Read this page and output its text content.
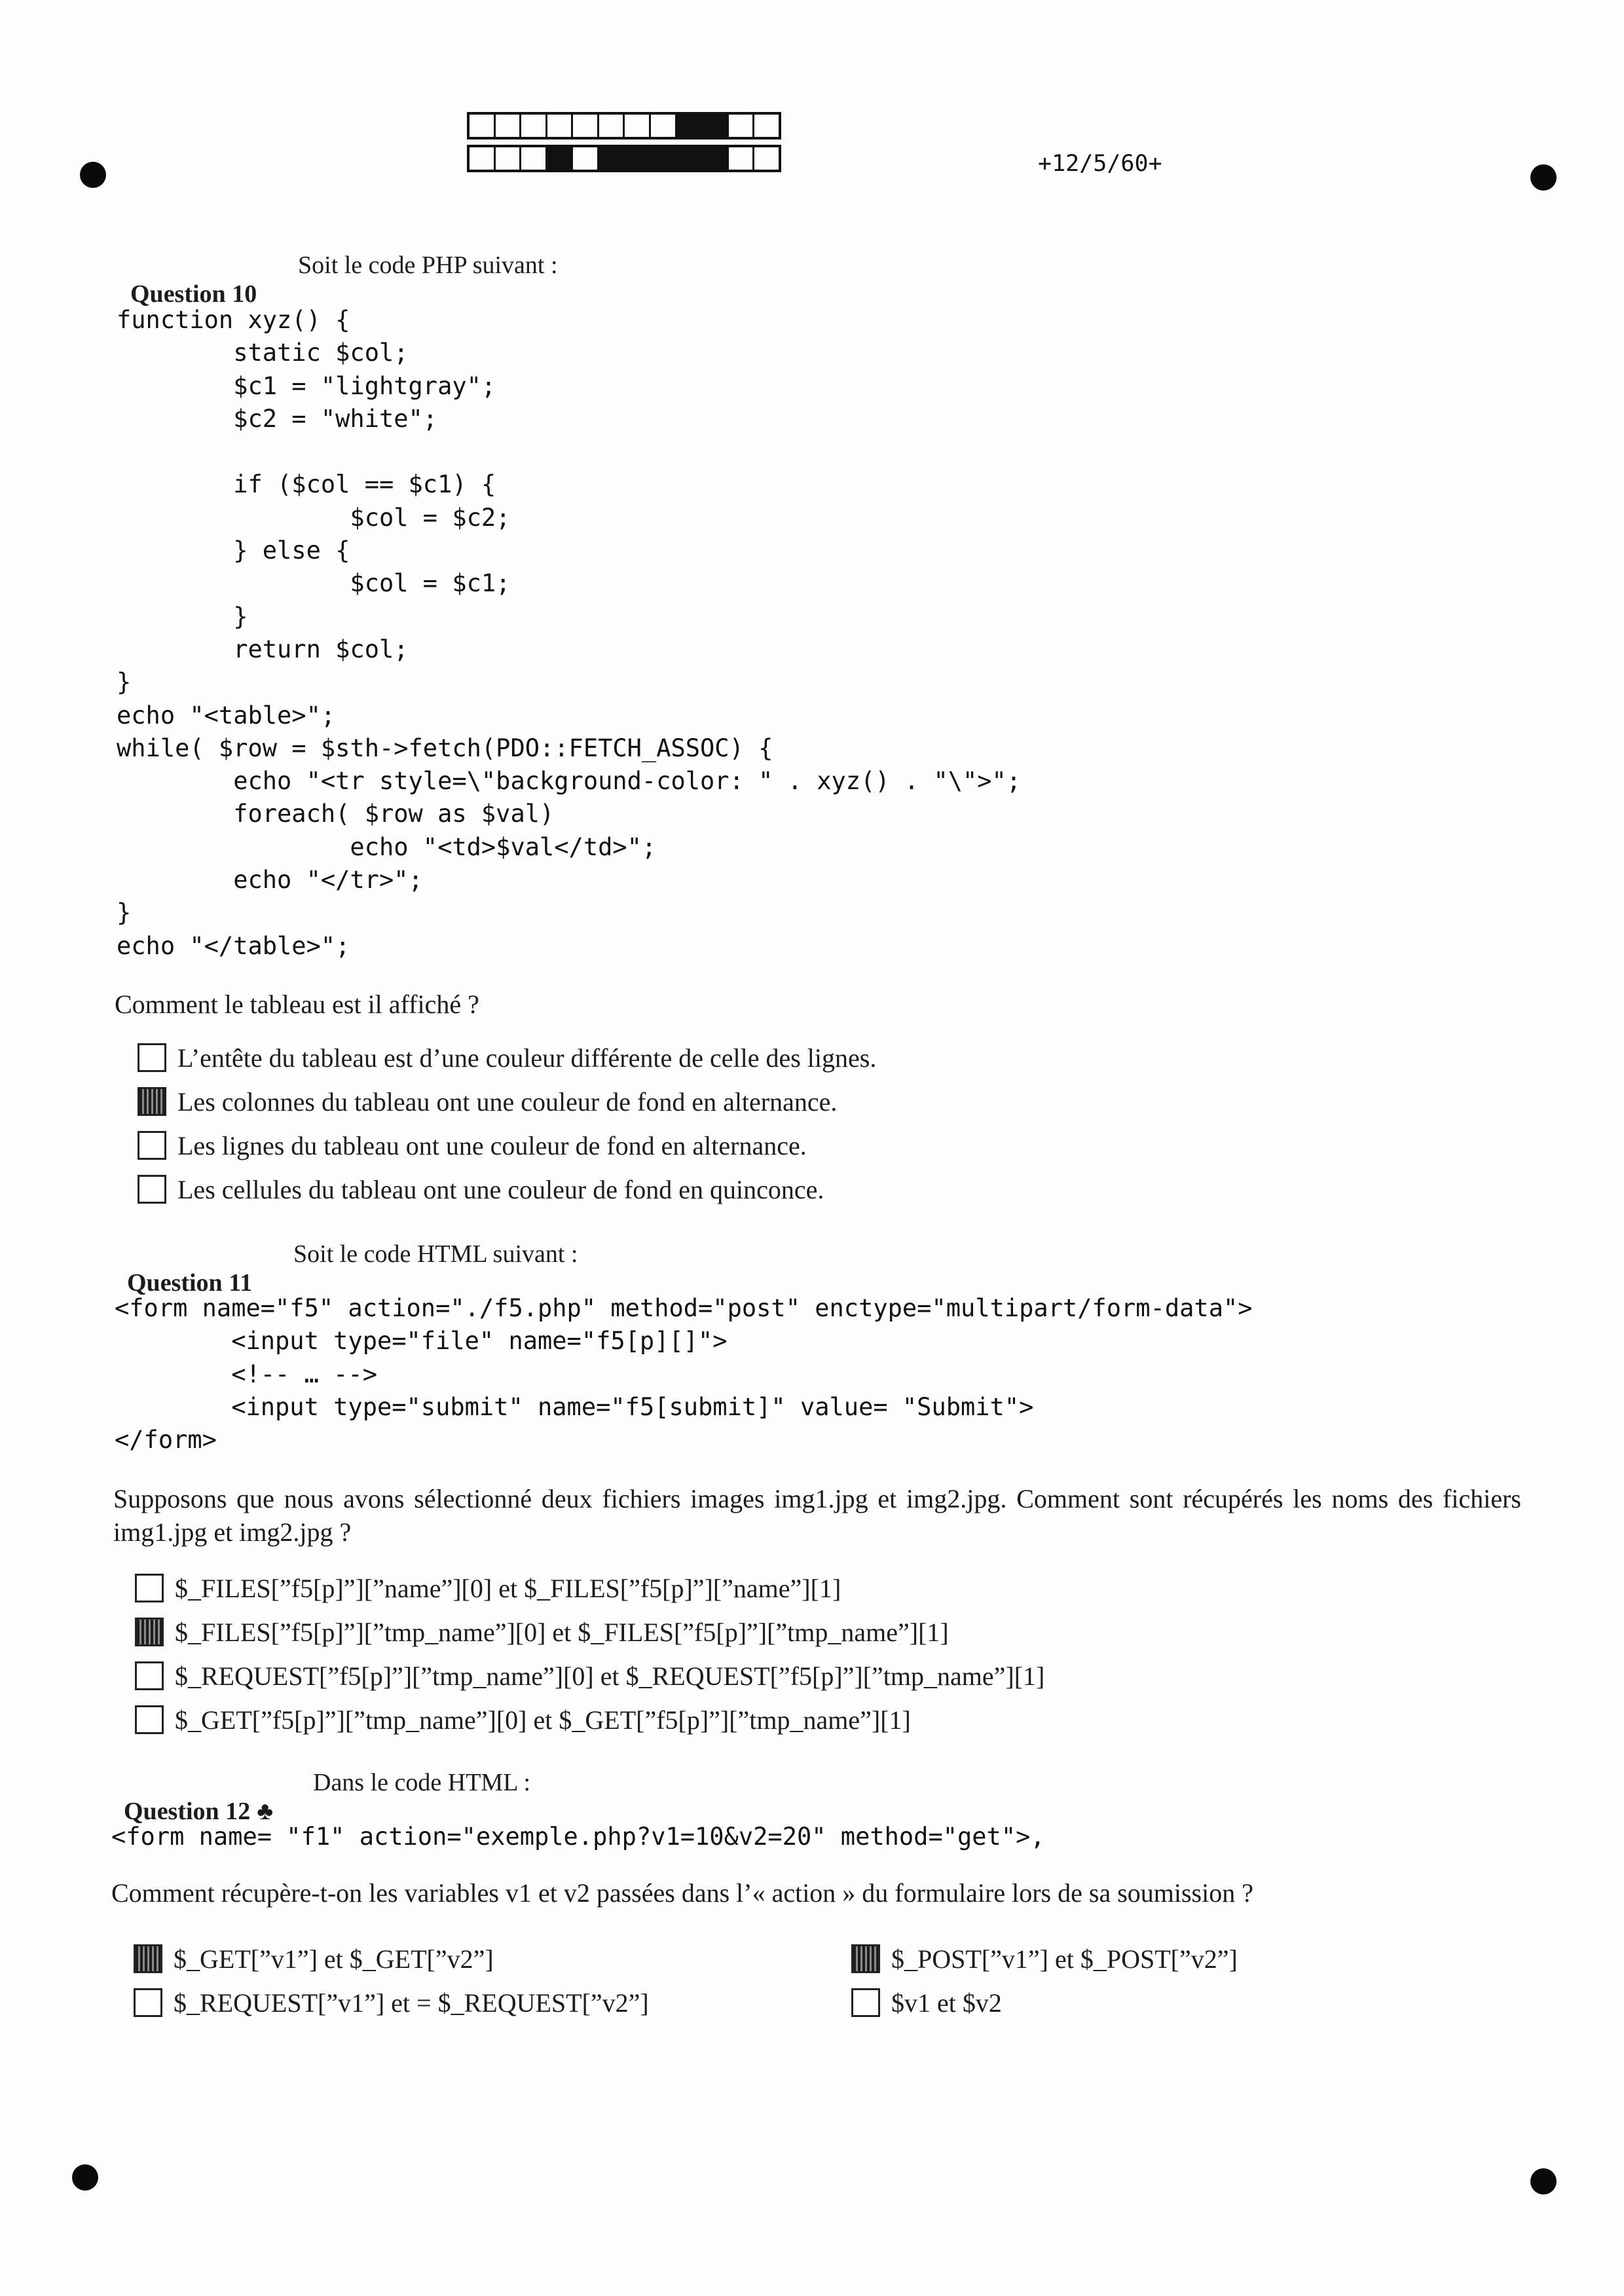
+12/5/60+

Question 10

Soit le code PHP suivant :

function xyz() {
static $col;
$c1 = "lightgray";
$c2 = "white";

if ($col == $c1) {
$col = $c2;
} else {
$col = $c1;
}
return $col;
}
echo "<table>";
while( $row = $sth->fetch(PDO::FETCH_ASSOC) {
echo "<tr style=\"background-color: " . xyz() . "\">";
foreach( $row as $val)
echo "<td>$val</td>";
echo "</tr>";
}
echo "</table>";
Comment le tableau est il affiché ?
L’entête du tableau est d’une couleur différente de celle des lignes.
Les colonnes du tableau ont une couleur de fond en alternance.
Les lignes du tableau ont une couleur de fond en alternance.
Les cellules du tableau ont une couleur de fond en quinconce.

Question 11

Soit le code HTML suivant :

<form name="f5" action="./f5.php" method="post" enctype="multipart/form-data">
<input type="file" name="f5[p][]">
<!-- … -->
<input type="submit" name="f5[submit]" value= "Submit">
</form>
Supposons que nous avons sélectionné deux fichiers images img1.jpg et img2.jpg. Comment sont récupérés les noms des fichiers img1.jpg et img2.jpg ?
$_FILES[”f5[p]”][”name”][0] et $_FILES[”f5[p]”][”name”][1]
$_FILES[”f5[p]”][”tmp_name”][0] et $_FILES[”f5[p]”][”tmp_name”][1]
$_REQUEST[”f5[p]”][”tmp_name”][0] et $_REQUEST[”f5[p]”][”tmp_name”][1]
$_GET[”f5[p]”][”tmp_name”][0] et $_GET[”f5[p]”][”tmp_name”][1]

Question 12 ♣

Dans le code HTML :

<form name= "f1" action="exemple.php?v1=10&v2=20" method="get">,
Comment récupère-t-on les variables v1 et v2 passées dans l’« action » du formulaire lors de sa soumission ?
$_GET[”v1”] et $_GET[”v2”]	$_POST[”v1”] et $_POST[”v2”]
$_REQUEST[”v1”] et = $_REQUEST[”v2”]	$v1 et $v2
